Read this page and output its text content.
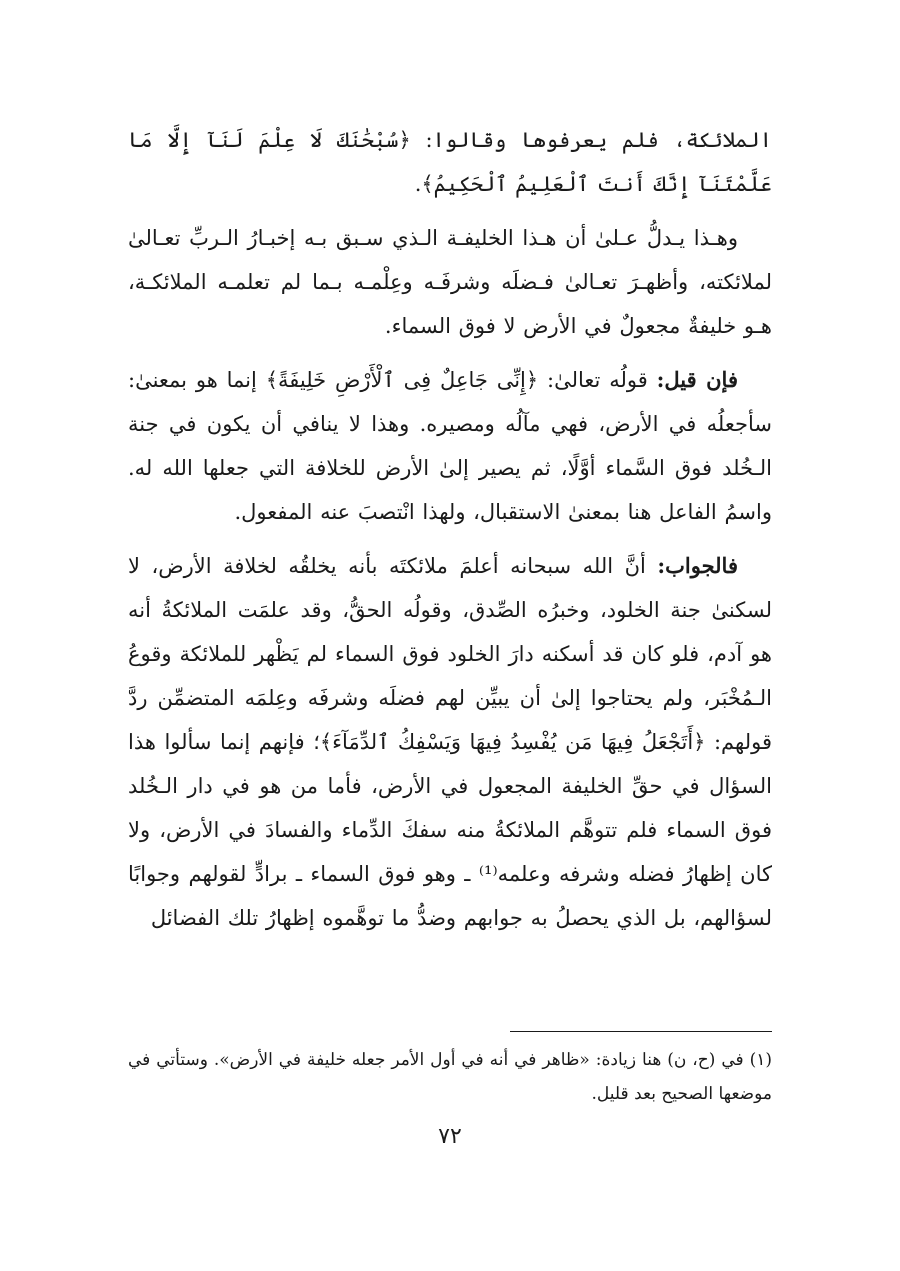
الملائكة، فلم يعرفوها وقالوا: ﴿سُبْحَٰنَكَ لَا عِلْمَ لَنَآ إِلَّا مَا عَلَّمْتَنَآ إِنَّكَ أَنتَ ٱلْعَلِيمُ ٱلْحَكِيمُ﴾.

وهـذا يـدلُّ عـلىٰ أن هـذا الخليفـة الـذي سـبق بـه إخبـارُ الـربِّ تعـالىٰ لملائكته، وأظهـرَ تعـالىٰ فـضلَه وشرفَـه وعِلْمـه بـما لم تعلمـه الملائكـة، هـو خليفةٌ مجعولٌ في الأرض لا فوق السماء.

فإن قيل: قولُه تعالىٰ: ﴿إِنِّى جَاعِلٌ فِى ٱلْأَرْضِ خَلِيفَةً﴾ إنما هو بمعنىٰ: سأجعلُه في الأرض، فهي مآلُه ومصيره. وهذا لا ينافي أن يكون في جنة الـخُلد فوق السَّماء أوَّلًا، ثم يصير إلىٰ الأرض للخلافة التي جعلها الله له. واسمُ الفاعل هنا بمعنىٰ الاستقبال، ولهذا انْتصبَ عنه المفعول.

فالجواب: أنَّ الله سبحانه أعلمَ ملائكتَه بأنه يخلقُه لخلافة الأرض، لا لسكنىٰ جنة الخلود، وخبرُه الصِّدق، وقولُه الحقُّ، وقد علمَت الملائكةُ أنه هو آدم، فلو كان قد أسكنه دارَ الخلود فوق السماء لم يَظْهر للملائكة وقوعُ الـمُخْبَر، ولم يحتاجوا إلىٰ أن يبيِّن لهم فضلَه وشرفَه وعِلمَه المتضمِّن ردَّ قولهم: ﴿أَتَجْعَلُ فِيهَا مَن يُفْسِدُ فِيهَا وَيَسْفِكُ ٱلدِّمَآءَ﴾؛ فإنهم إنما سألوا هذا السؤال في حقِّ الخليفة المجعول في الأرض، فأما من هو في دار الـخُلد فوق السماء فلم تتوهَّم الملائكةُ منه سفكَ الدِّماء والفسادَ في الأرض، ولا كان إظهارُ فضله وشرفه وعلمه⁽¹⁾ ـ وهو فوق السماء ـ برادٍّ لقولهم وجوابًا لسؤالهم، بل الذي يحصلُ به جوابهم وضدُّ ما توهَّموه إظهارُ تلك الفضائل

(١) في (ح، ن) هنا زيادة: «ظاهر في أنه في أول الأمر جعله خليفة في الأرض». وستأتي في موضعها الصحيح بعد قليل.
٧٢
